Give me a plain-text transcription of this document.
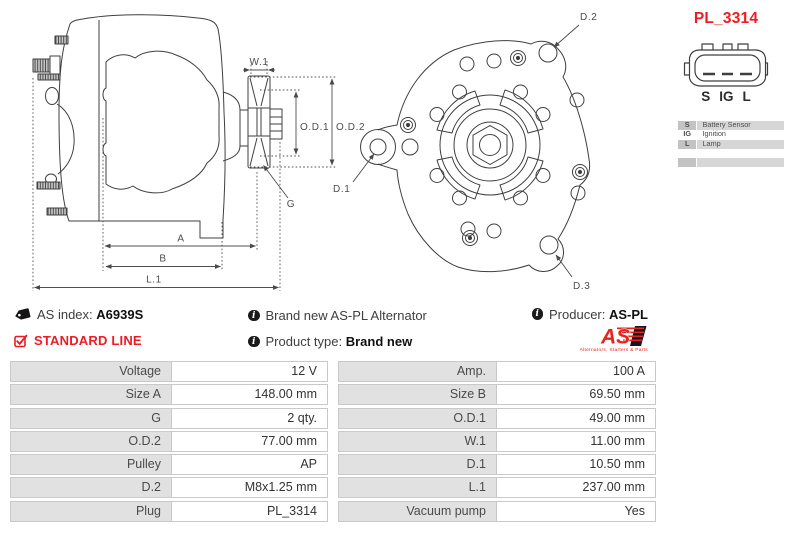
W.1
O.D.1 O.D.2
G
A
B
L.1
D.2
D.3
D.1
PL_3314
S IG L
S	Battery Sensor
IG	Ignition
L	Lamp
AS index: A6939S
STANDARD LINE
i Brand new AS-PL Alternator
i Product type: Brand new
i Producer: AS-PL
AS
Alternators, Starters & Parts
Voltage	12 V	Amp.	100 A
Size A	148.00 mm	Size B	69.50 mm
G	2 qty.	O.D.1	49.00 mm
O.D.2	77.00 mm	W.1	11.00 mm
Pulley	AP	D.1	10.50 mm
D.2	M8x1.25 mm	L.1	237.00 mm
Plug	PL_3314	Vacuum pump	Yes
